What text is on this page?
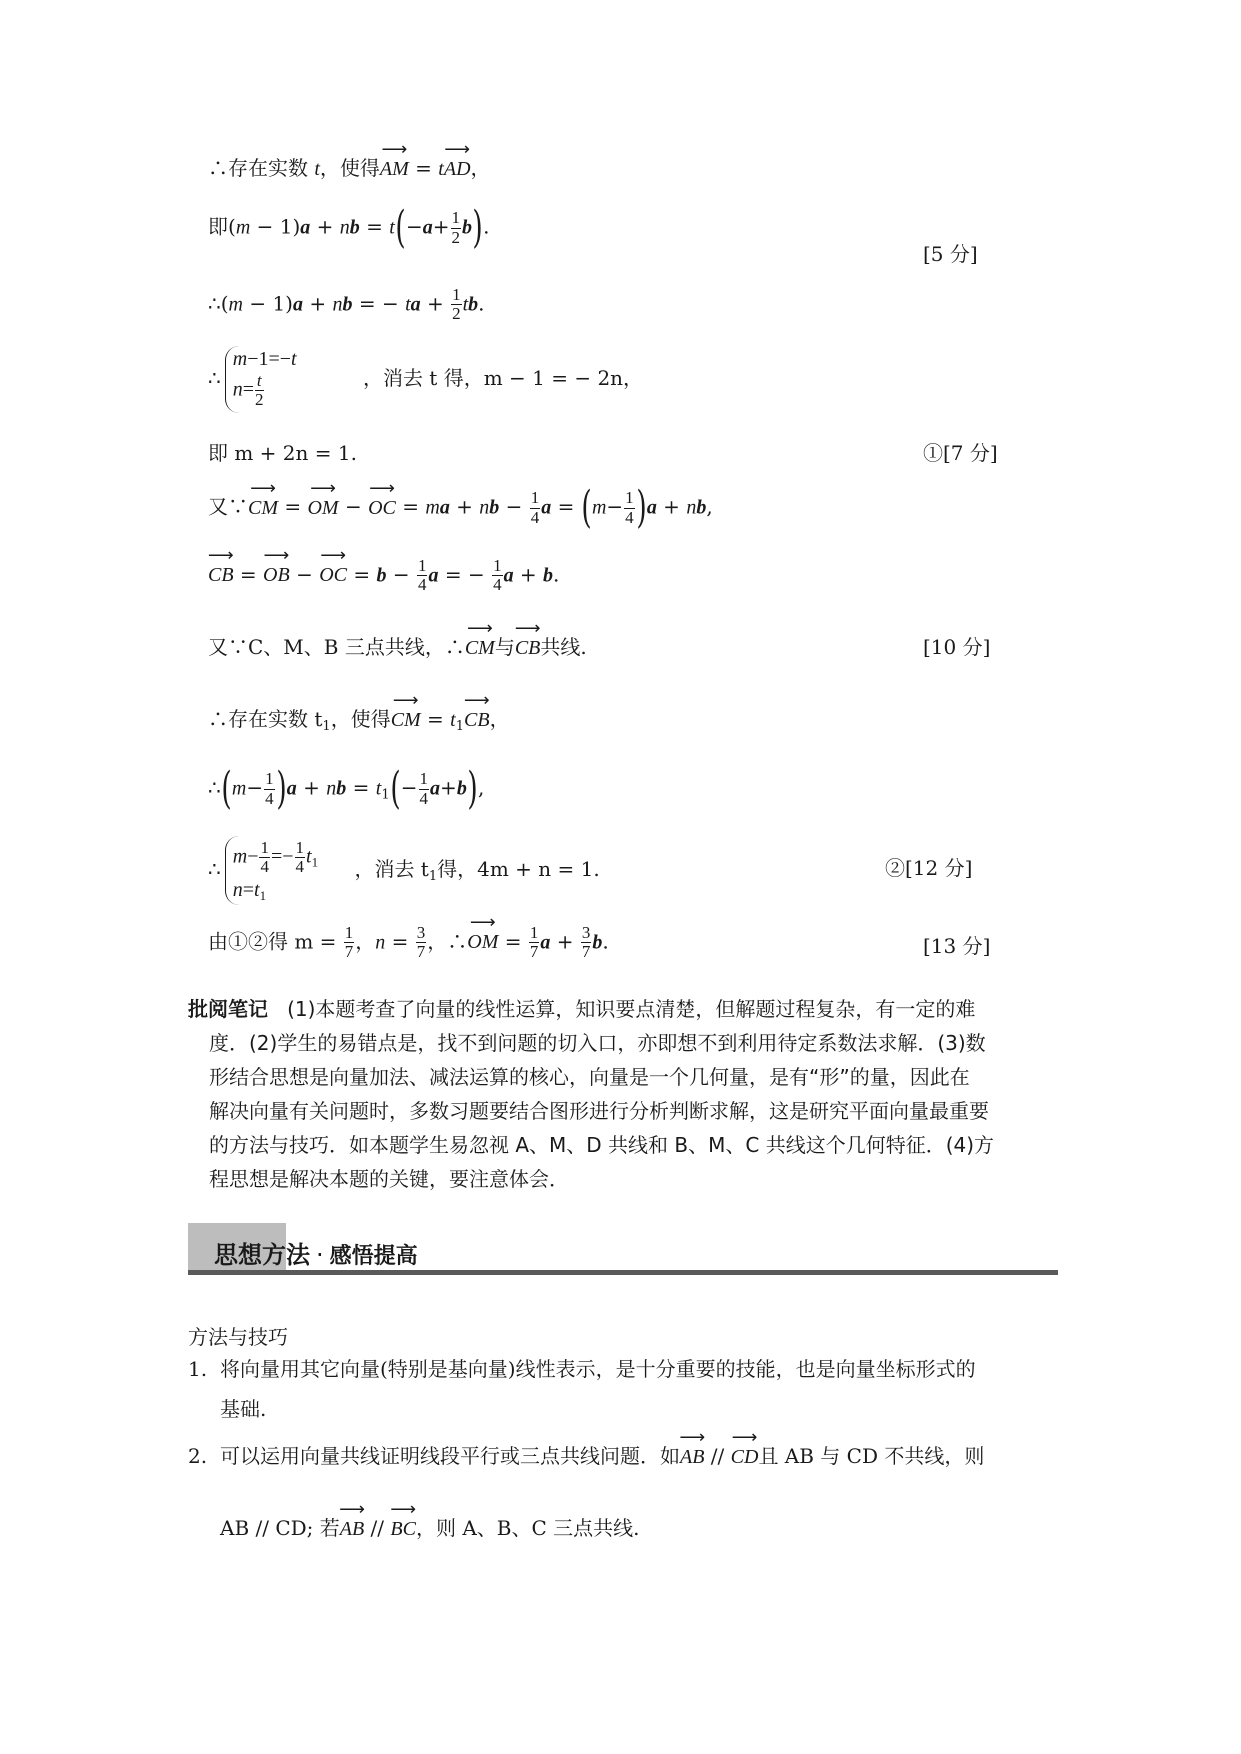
∴存在实数 t，使得⟶ AM = t⟶ AD，
即(m − 1)a + nb = $t(-a+ \frac{1}{2} b)$.
[5 分]
∴(m − 1)a + nb = − ta + $\frac{1}{2}$ tb.
∴
m−1=−t
$n= \frac{t}{2}$	，消去 t 得，m − 1 = − 2n，
即 m + 2n = 1.	①[7 分]
又∵⟶ CM = ⟶ OM − ⟶ OC = ma + nb − $\frac{1}{4}$ $a = (m- \frac{1}{4} )a$ + nb,
⟶ CB = ⟶ OB − ⟶ OC = $b - \frac{1}{4}$ a = − $\frac{1}{4}$ a + b.
又∵C、M、B 三点共线，∴⟶ CM与⟶ CB共线.	[10 分]
∴存在实数 $t_1$，使得⟶ CM = $t_1⟶$ CB，
∴(m− $\frac{1}{4} )a$ + nb = $t_1(- \frac{1}{4} a+b)$,
∴
$m- \frac{1}{4} =- \frac{1}{4} t_1$
$n=t_1$
，消去 $t_1$得，4m + n = 1.	②[12 分]
由①②得 $m = \frac{1}{7}$ ，$n = \frac{3}{7}$ ，∴⟶ OM = $\frac{1}{7}$ $a + \frac{3}{7} b$.	[13 分]
批阅笔记 (1)本题考查了向量的线性运算，知识要点清楚，但解题过程复杂，有一定的难
度．(2)学生的易错点是，找不到问题的切入口，亦即想不到利用待定系数法求解．(3)数
形结合思想是向量加法、减法运算的核心，向量是一个几何量，是有“形”的量，因此在
解决向量有关问题时，多数习题要结合图形进行分析判断求解，这是研究平面向量最重要
的方法与技巧．如本题学生易忽视 A、M、D 共线和 B、M、C 共线这个几何特征．(4)方
程思想是解决本题的关键，要注意体会．
思想方法 · 感悟提高
方法与技巧
1. 将向量用其它向量(特别是基向量)线性表示，是十分重要的技能，也是向量坐标形式的
基础.
2. 可以运用向量共线证明线段平行或三点共线问题．如⟶ AB // ⟶ CD且 AB 与 CD 不共线，则
AB // CD; 若⟶ AB // ⟶ BC，则 A、B、C 三点共线.
